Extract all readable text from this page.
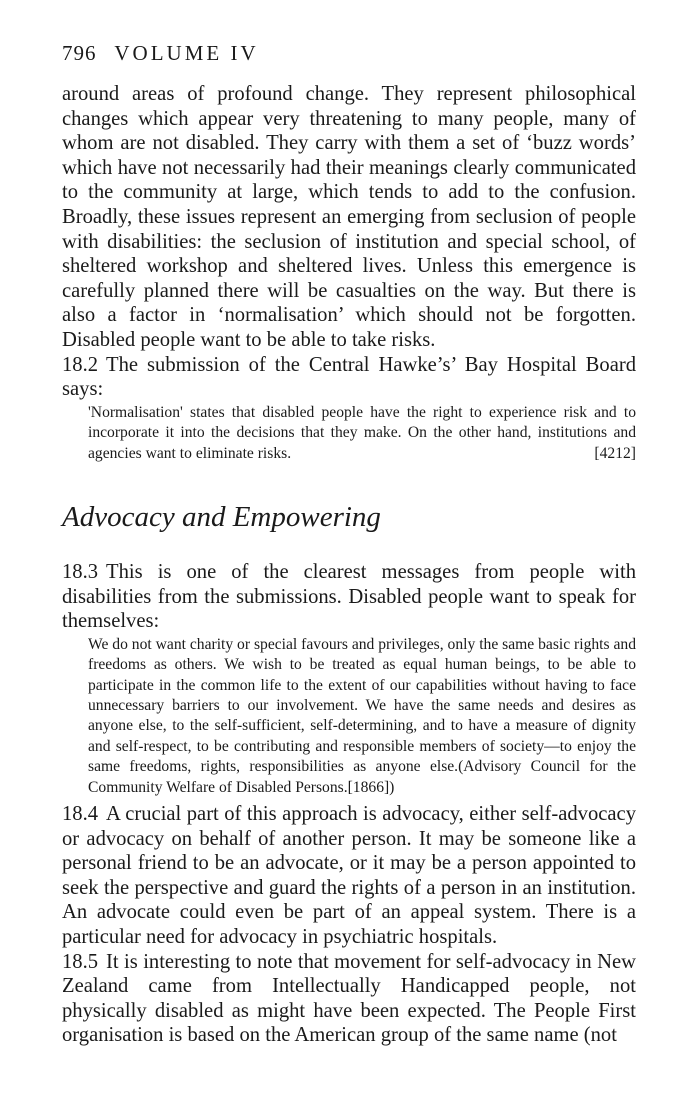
796 VOLUME IV

around areas of profound change. They represent philosophical changes which appear very threatening to many people, many of whom are not disabled. They carry with them a set of ‘buzz words’ which have not necessarily had their meanings clearly communicated to the community at large, which tends to add to the confusion. Broadly, these issues represent an emerging from seclusion of people with disabilities: the seclusion of institution and special school, of sheltered workshop and sheltered lives. Unless this emergence is carefully planned there will be casualties on the way. But there is also a factor in ‘normalisation’ which should not be forgotten. Disabled people want to be able to take risks.

18.2 The submission of the Central Hawke’s’ Bay Hospital Board says:

'Normalisation' states that disabled people have the right to experience risk and to incorporate it into the decisions that they make. On the other hand, institutions and agencies want to eliminate risks.	[4212]
Advocacy and Empowering

18.3 This is one of the clearest messages from people with disabilities from the submissions. Disabled people want to speak for themselves:

We do not want charity or special favours and privileges, only the same basic rights and freedoms as others. We wish to be treated as equal human beings, to be able to participate in the common life to the extent of our capabilities without having to face unnecessary barriers to our involvement. We have the same needs and desires as anyone else, to the self-sufficient, self-determining, and to have a measure of dignity and self-respect, to be contributing and responsible members of society—to enjoy the same freedoms, rights, responsibilities as anyone else.(Advisory Council for the Community Welfare of Disabled Persons.[1866])

18.4 A crucial part of this approach is advocacy, either self-advocacy or advocacy on behalf of another person. It may be someone like a personal friend to be an advocate, or it may be a person appointed to seek the perspective and guard the rights of a person in an institution. An advocate could even be part of an appeal system. There is a particular need for advocacy in psychiatric hospitals.

18.5 It is interesting to note that movement for self-advocacy in New Zealand came from Intellectually Handicapped people, not physically disabled as might have been expected. The People First organisation is based on the American group of the same name (not
